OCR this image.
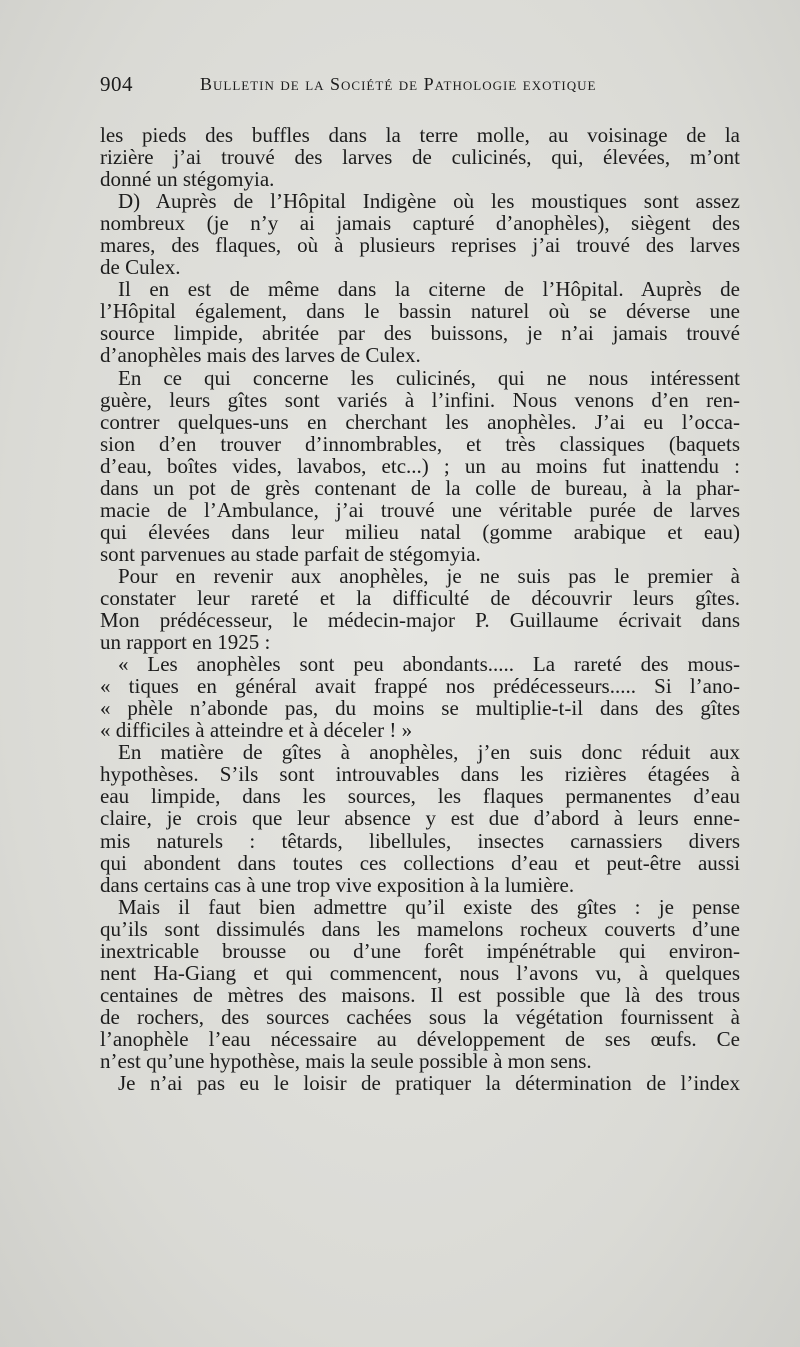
904	Bulletin de la Société de Pathologie exotique
les pieds des buffles dans la terre molle, au voisinage de la
rizière j’ai trouvé des larves de culicinés, qui, élevées, m’ont
donné un stégomyia.
D) Auprès de l’Hôpital Indigène où les moustiques sont assez
nombreux (je n’y ai jamais capturé d’anophèles), siègent des
mares, des flaques, où à plusieurs reprises j’ai trouvé des larves
de Culex.
Il en est de même dans la citerne de l’Hôpital. Auprès de
l’Hôpital également, dans le bassin naturel où se déverse une
source limpide, abritée par des buissons, je n’ai jamais trouvé
d’anophèles mais des larves de Culex.
En ce qui concerne les culicinés, qui ne nous intéressent
guère, leurs gîtes sont variés à l’infini. Nous venons d’en ren-
contrer quelques-uns en cherchant les anophèles. J’ai eu l’occa-
sion d’en trouver d’innombrables, et très classiques (baquets
d’eau, boîtes vides, lavabos, etc...) ; un au moins fut inattendu :
dans un pot de grès contenant de la colle de bureau, à la phar-
macie de l’Ambulance, j’ai trouvé une véritable purée de larves
qui élevées dans leur milieu natal (gomme arabique et eau)
sont parvenues au stade parfait de stégomyia.
Pour en revenir aux anophèles, je ne suis pas le premier à
constater leur rareté et la difficulté de découvrir leurs gîtes.
Mon prédécesseur, le médecin-major P. Guillaume écrivait dans
un rapport en 1925 :
« Les anophèles sont peu abondants..... La rareté des mous-
« tiques en général avait frappé nos prédécesseurs..... Si l’ano-
« phèle n’abonde pas, du moins se multiplie-t-il dans des gîtes
« difficiles à atteindre et à déceler ! »
En matière de gîtes à anophèles, j’en suis donc réduit aux
hypothèses. S’ils sont introuvables dans les rizières étagées à
eau limpide, dans les sources, les flaques permanentes d’eau
claire, je crois que leur absence y est due d’abord à leurs enne-
mis naturels : têtards, libellules, insectes carnassiers divers
qui abondent dans toutes ces collections d’eau et peut-être aussi
dans certains cas à une trop vive exposition à la lumière.
Mais il faut bien admettre qu’il existe des gîtes : je pense
qu’ils sont dissimulés dans les mamelons rocheux couverts d’une
inextricable brousse ou d’une forêt impénétrable qui environ-
nent Ha-Giang et qui commencent, nous l’avons vu, à quelques
centaines de mètres des maisons. Il est possible que là des trous
de rochers, des sources cachées sous la végétation fournissent à
l’anophèle l’eau nécessaire au développement de ses œufs. Ce
n’est qu’une hypothèse, mais la seule possible à mon sens.
Je n’ai pas eu le loisir de pratiquer la détermination de l’index
